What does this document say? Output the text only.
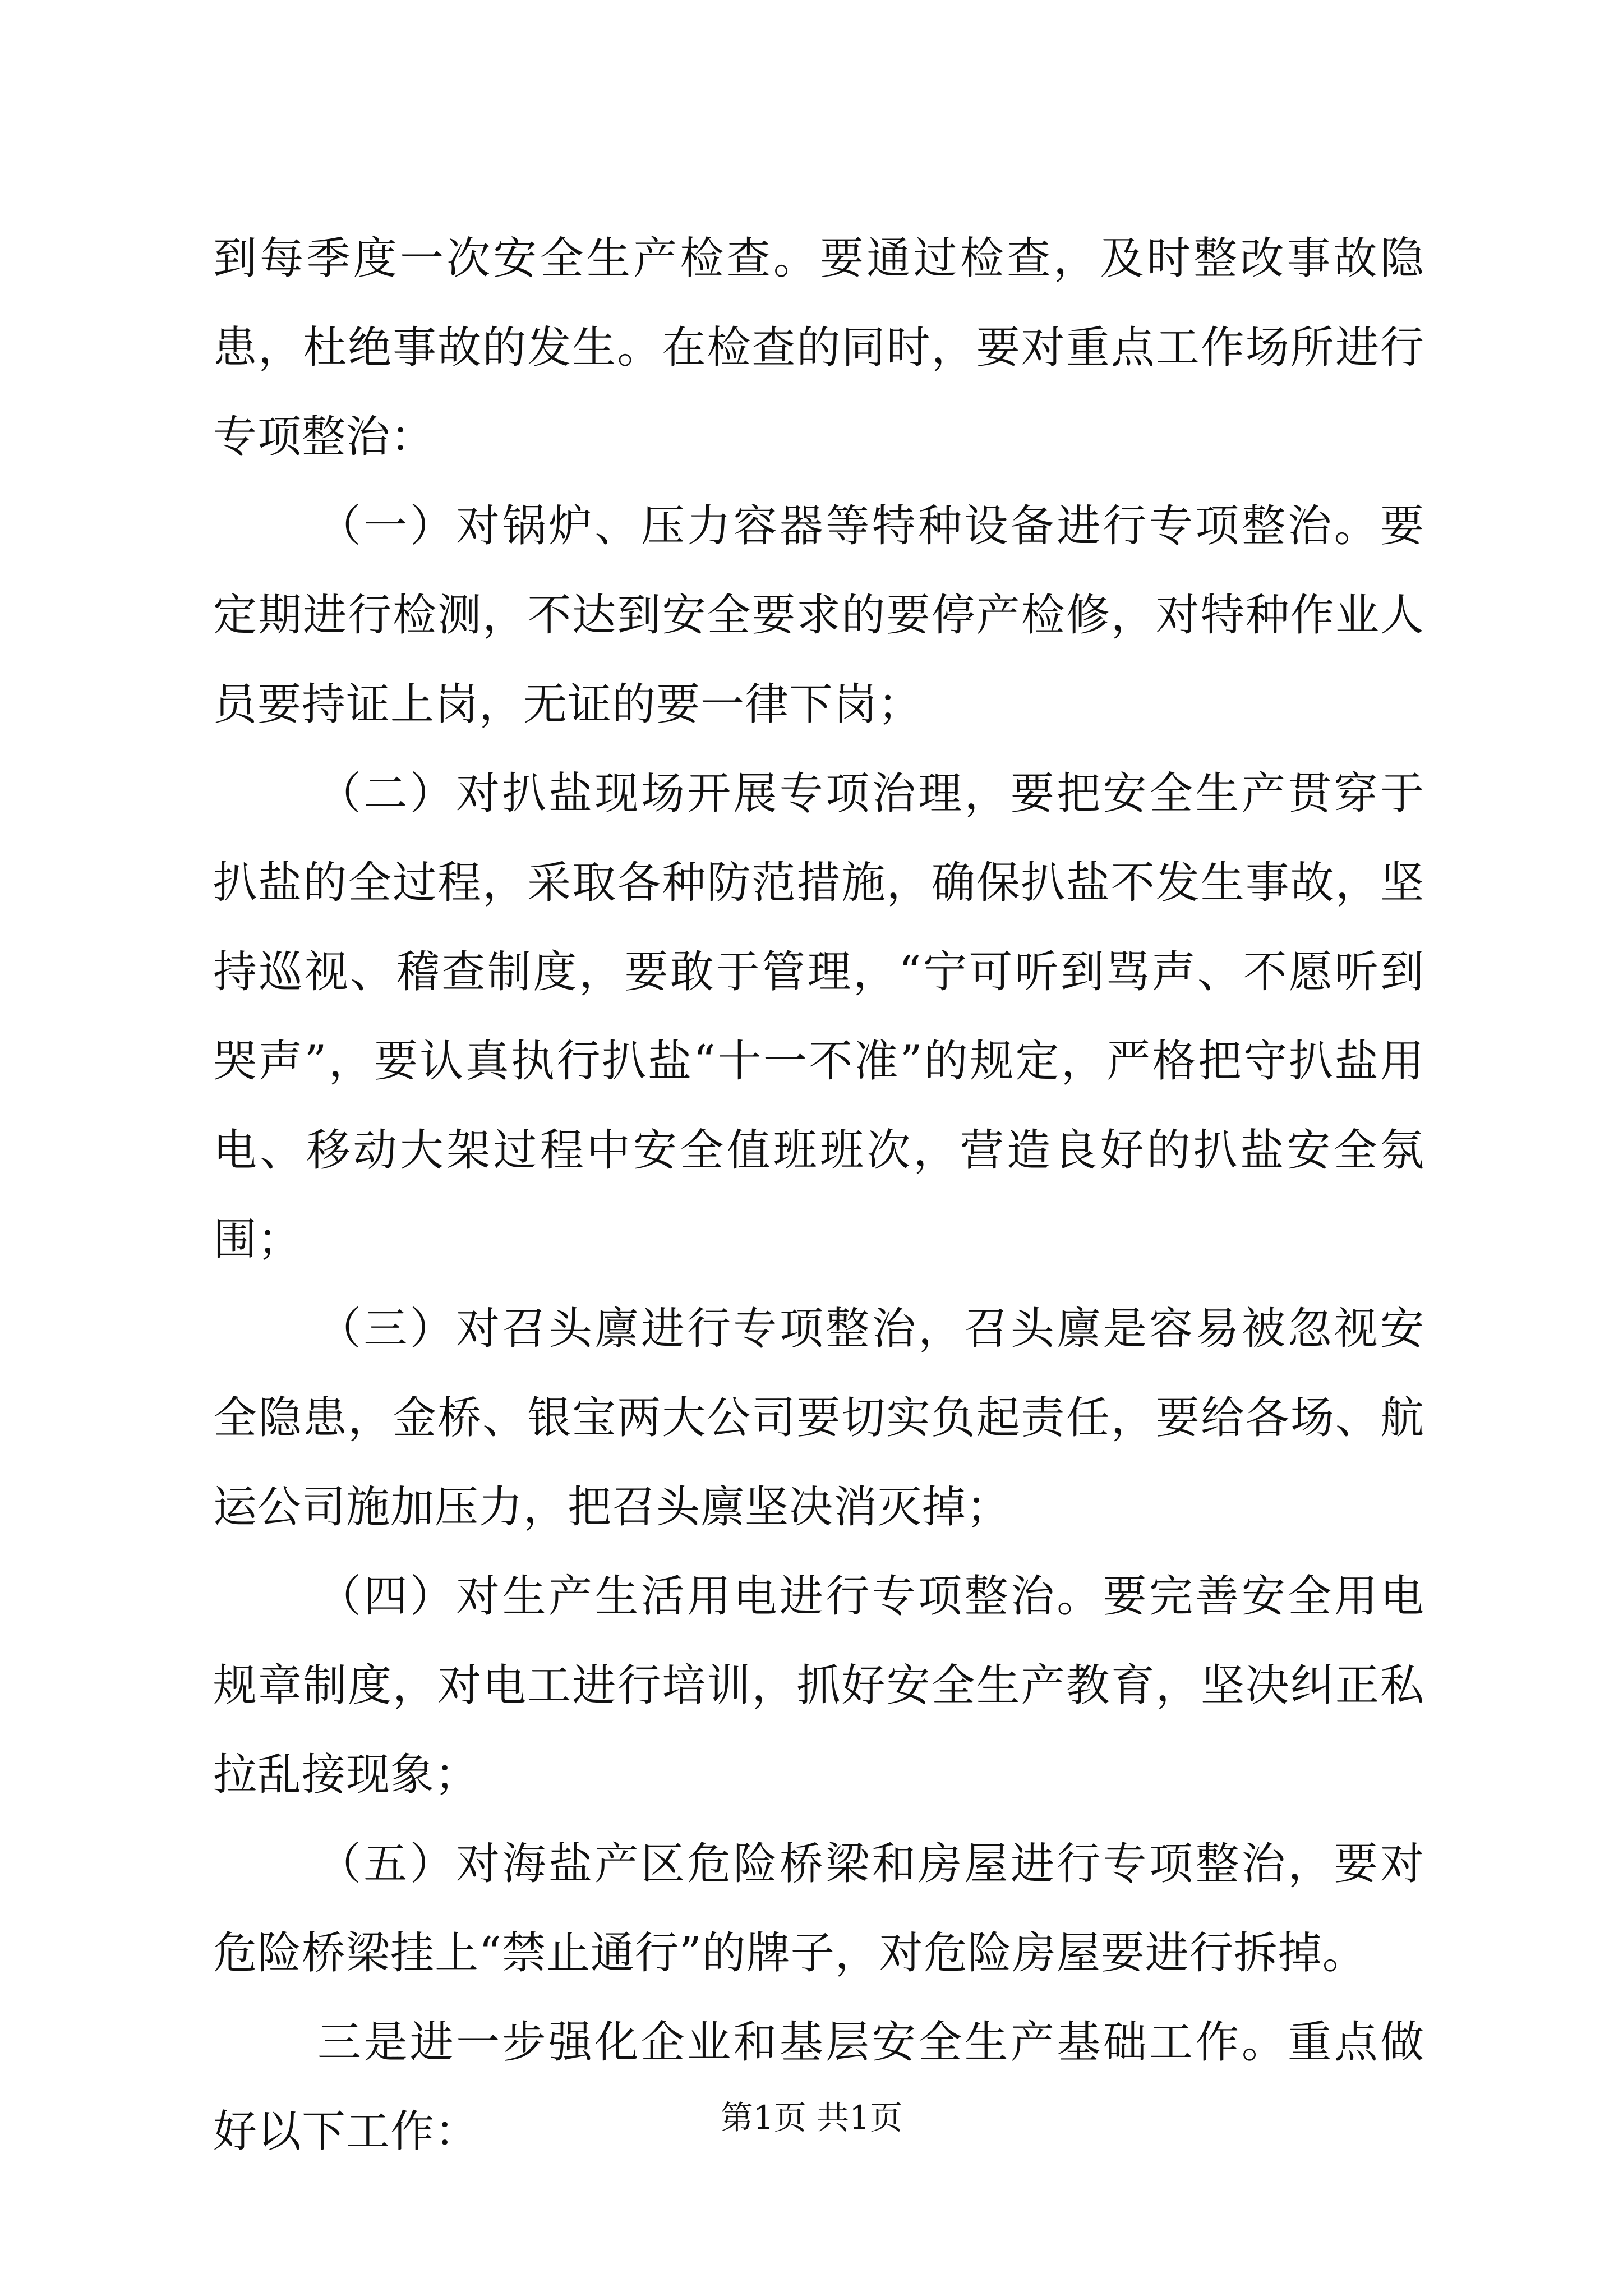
到每季度一次安全生产检查。要通过检查，及时整改事故隐患，杜绝事故的发生。在检查的同时，要对重点工作场所进行专项整治：

（一）对锅炉、压力容器等特种设备进行专项整治。要定期进行检测，不达到安全要求的要停产检修，对特种作业人员要持证上岗，无证的要一律下岗；

（二）对扒盐现场开展专项治理，要把安全生产贯穿于扒盐的全过程，采取各种防范措施，确保扒盐不发生事故，坚持巡视、稽查制度，要敢于管理，“宁可听到骂声、不愿听到哭声”，要认真执行扒盐“十一不准”的规定，严格把守扒盐用电、移动大架过程中安全值班班次，营造良好的扒盐安全氛围；

（三）对召头廪进行专项整治，召头廪是容易被忽视安全隐患，金桥、银宝两大公司要切实负起责任，要给各场、航运公司施加压力，把召头廪坚决消灭掉；

（四）对生产生活用电进行专项整治。要完善安全用电规章制度，对电工进行培训，抓好安全生产教育，坚决纠正私拉乱接现象；

（五）对海盐产区危险桥梁和房屋进行专项整治，要对危险桥梁挂上“禁止通行”的牌子，对危险房屋要进行拆掉。

三是进一步强化企业和基层安全生产基础工作。重点做好以下工作：	第1页 共1页
